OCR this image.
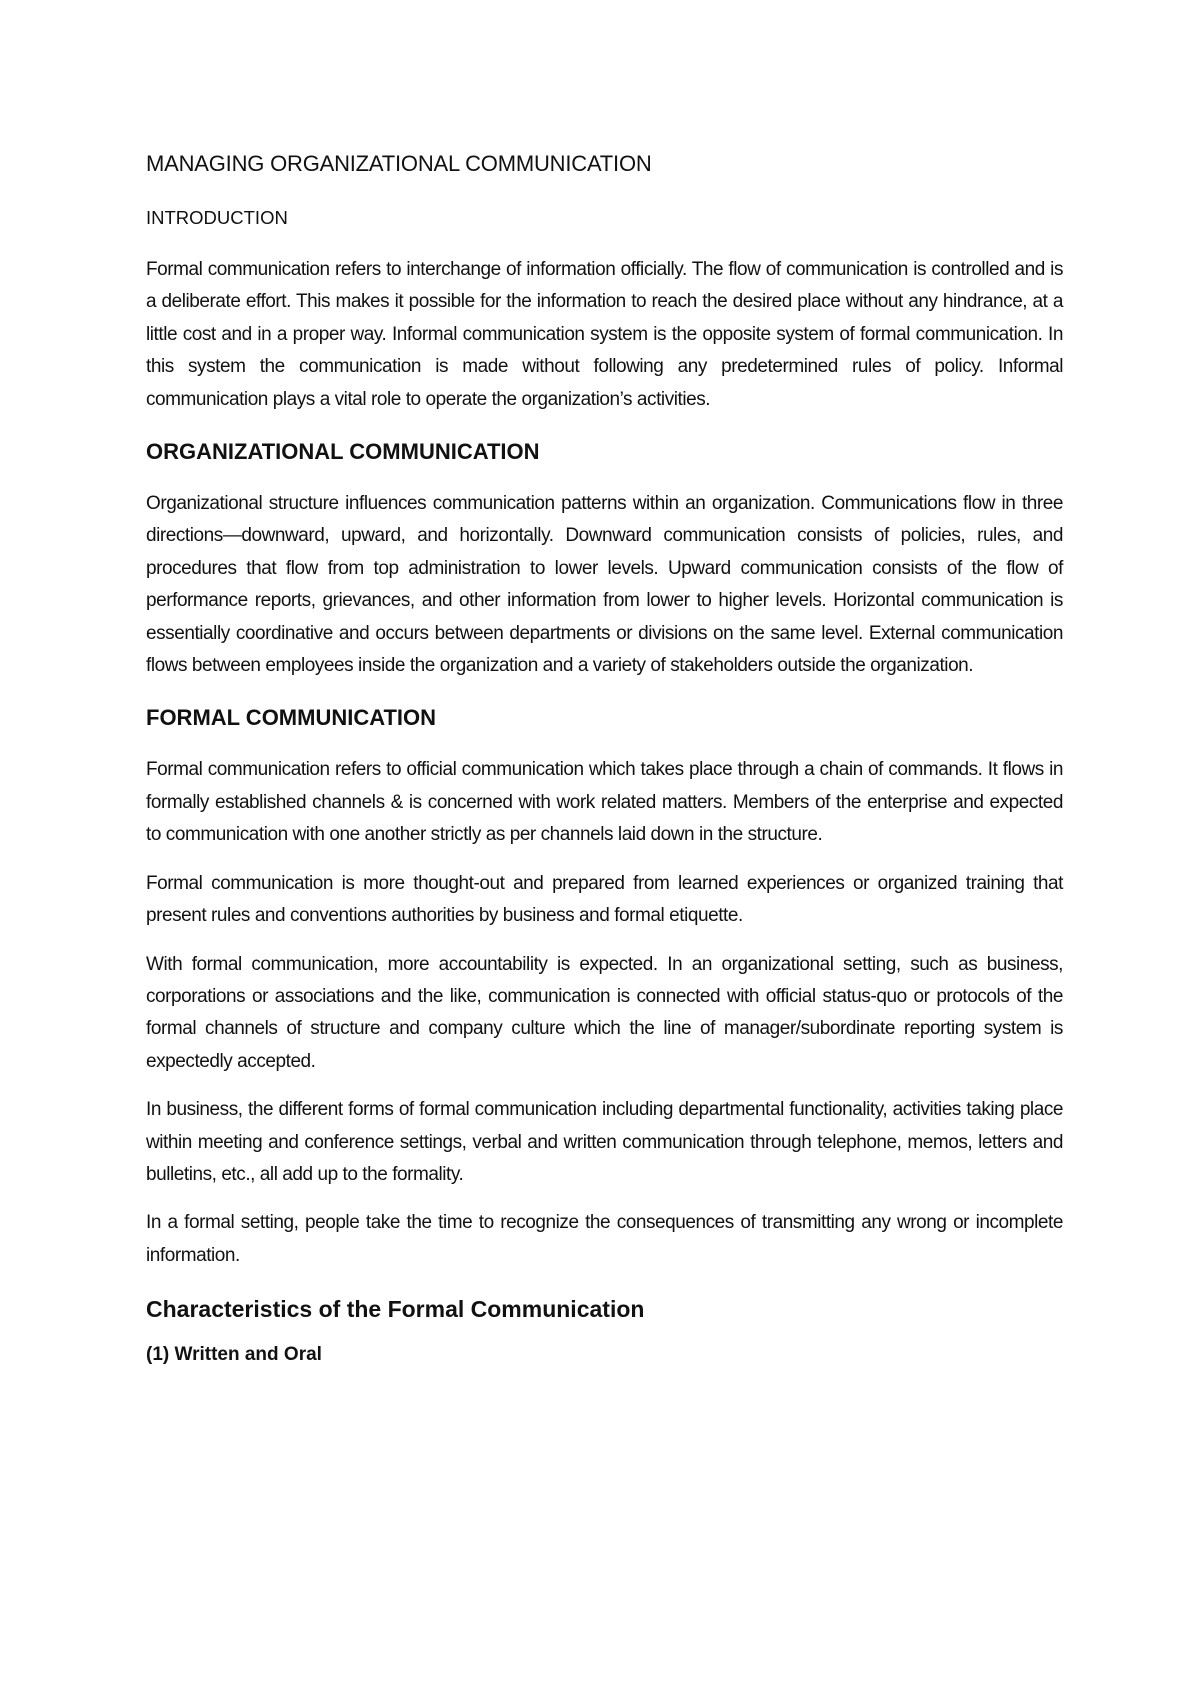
MANAGING ORGANIZATIONAL COMMUNICATION
INTRODUCTION

Formal communication refers to interchange of information officially. The flow of communication is controlled and is a deliberate effort. This makes it possible for the information to reach the desired place without any hindrance, at a little cost and in a proper way. Informal communication system is the opposite system of formal communication. In this system the communication is made without following any predetermined rules of policy. Informal communication plays a vital role to operate the organization’s activities.

ORGANIZATIONAL COMMUNICATION

Organizational structure influences communication patterns within an organization. Communications flow in three directions—downward, upward, and horizontally. Downward communication consists of policies, rules, and procedures that flow from top administration to lower levels. Upward communication consists of the flow of performance reports, grievances, and other information from lower to higher levels. Horizontal communication is essentially coordinative and occurs between departments or divisions on the same level. External communication flows between employees inside the organization and a variety of stakeholders outside the organization.

FORMAL COMMUNICATION

Formal communication refers to official communication which takes place through a chain of commands. It flows in formally established channels & is concerned with work related matters. Members of the enterprise and expected to communication with one another strictly as per channels laid down in the structure.

Formal communication is more thought-out and prepared from learned experiences or organized training that present rules and conventions authorities by business and formal etiquette.

With formal communication, more accountability is expected. In an organizational setting, such as business, corporations or associations and the like, communication is connected with official status-quo or protocols of the formal channels of structure and company culture which the line of manager/subordinate reporting system is expectedly accepted.

In business, the different forms of formal communication including departmental functionality, activities taking place within meeting and conference settings, verbal and written communication through telephone, memos, letters and bulletins, etc., all add up to the formality.

In a formal setting, people take the time to recognize the consequences of transmitting any wrong or incomplete information.

Characteristics of the Formal Communication
(1) Written and Oral
